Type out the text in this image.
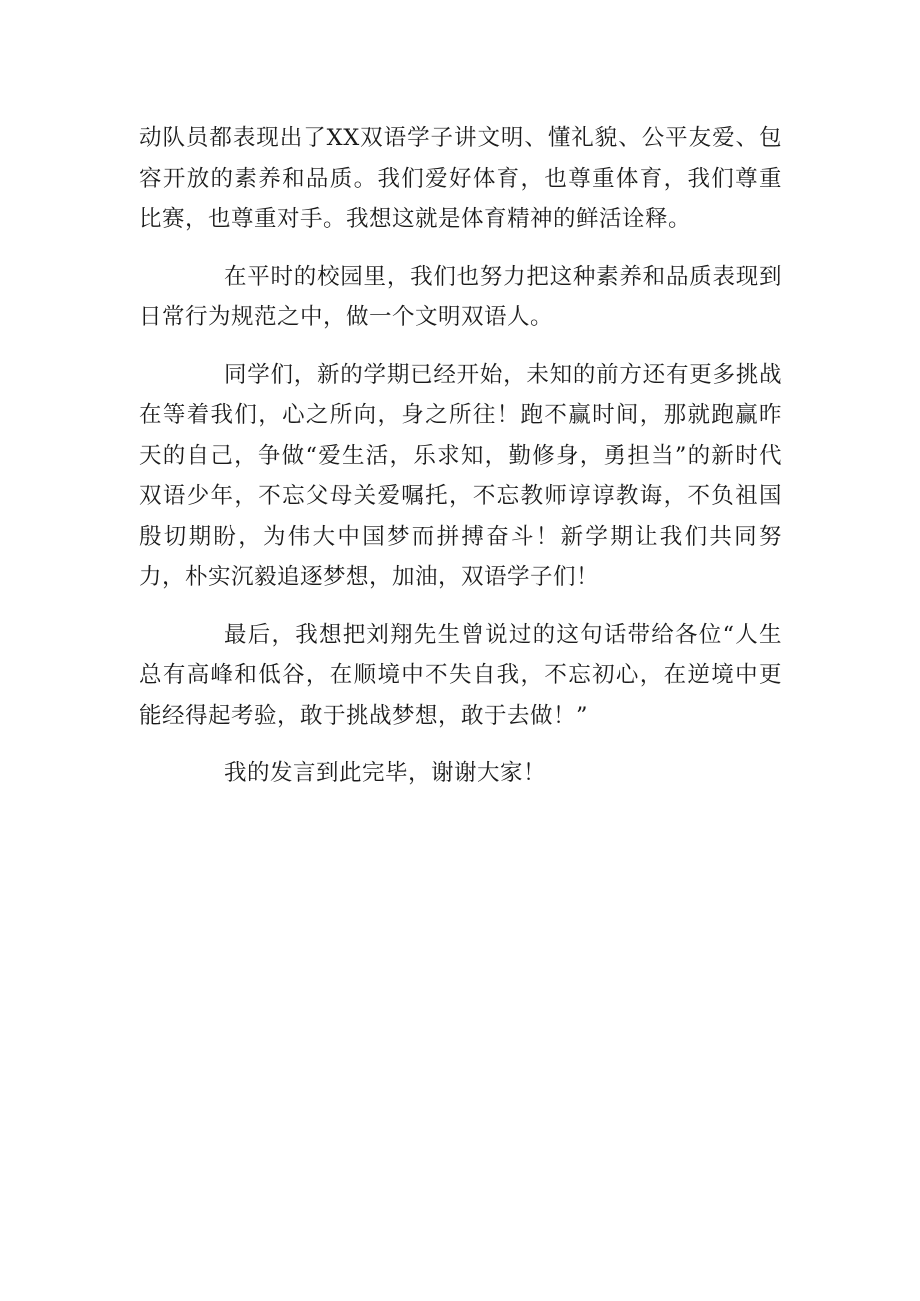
动队员都表现出了XX双语学子讲文明、懂礼貌、公平友爱、包容开放的素养和品质。我们爱好体育，也尊重体育，我们尊重比赛，也尊重对手。我想这就是体育精神的鲜活诠释。

在平时的校园里，我们也努力把这种素养和品质表现到日常行为规范之中，做一个文明双语人。

同学们，新的学期已经开始，未知的前方还有更多挑战在等着我们，心之所向，身之所往！跑不赢时间，那就跑赢昨天的自己，争做“爱生活，乐求知，勤修身，勇担当”的新时代双语少年，不忘父母关爱嘱托，不忘教师谆谆教诲，不负祖国殷切期盼，为伟大中国梦而拼搏奋斗！新学期让我们共同努力，朴实沉毅追逐梦想，加油，双语学子们！

最后，我想把刘翔先生曾说过的这句话带给各位“人生总有高峰和低谷，在顺境中不失自我，不忘初心，在逆境中更能经得起考验，敢于挑战梦想，敢于去做！”

我的发言到此完毕，谢谢大家！
